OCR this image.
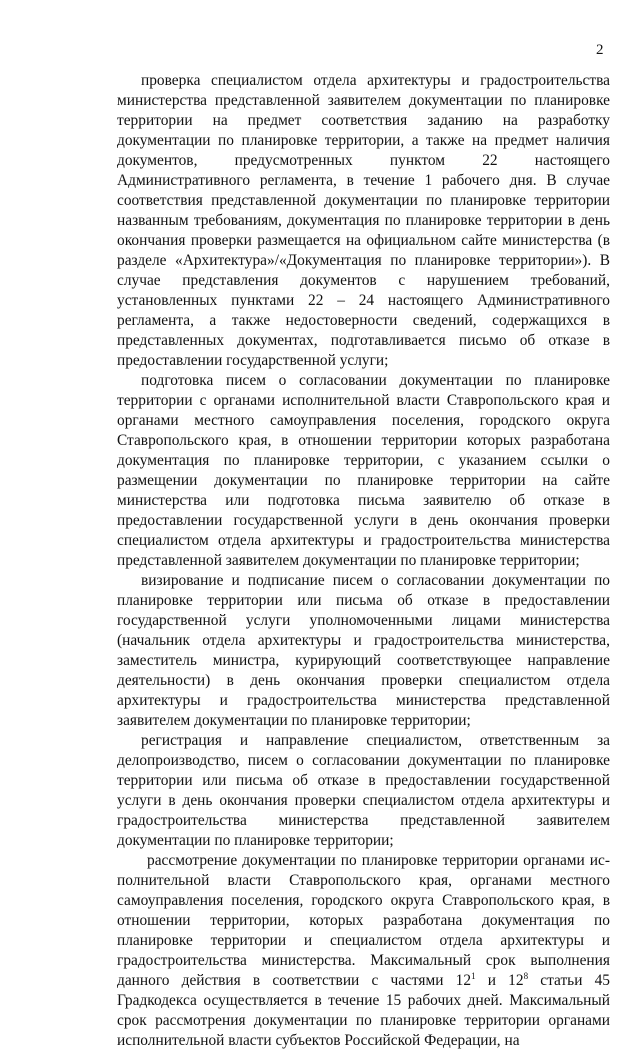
2

проверка специалистом отдела архитектуры и градостроительства министерства представленной заявителем документации по планировке территории на предмет соответствия заданию на разработку документации по планировке территории, а также на предмет наличия документов, предусмотренных пунктом 22 настоящего Административного регламента, в течение 1 рабочего дня. В случае соответствия представленной документации по планировке территории названным требованиям, документация по планировке территории в день окончания проверки размещается на официальном сайте министерства (в разделе «Архитектура»/«Документация по планировке территории»). В случае представления документов с нарушением требований, установленных пунктами 22 – 24 настоящего Административного регламента, а также недостоверности сведений, содержащихся в представленных документах, подготавливается письмо об отказе в предоставлении государственной услуги;

подготовка писем о согласовании документации по планировке территории с органами исполнительной власти Ставропольского края и органами местного самоуправления поселения, городского округа Ставропольского края, в отношении территории которых разработана документация по планировке территории, с указанием ссылки о размещении документации по планировке территории на сайте министерства или подготовка письма заявителю об отказе в предоставлении государственной услуги в день окончания проверки специалистом отдела архитектуры и градостроительства министерства представленной заявителем документации по планировке территории;

визирование и подписание писем о согласовании документации по планировке территории или письма об отказе в предоставлении государственной услуги уполномоченными лицами министерства (начальник отдела архитектуры и градостроительства министерства, заместитель министра, курирующий соответствующее направление деятельности) в день окончания проверки специалистом отдела архитектуры и градостроительства министерства представленной заявителем документации по планировке территории;

регистрация и направление специалистом, ответственным за делопроизводство, писем о согласовании документации по планировке территории или письма об отказе в предоставлении государственной услуги в день окончания проверки специалистом отдела архитектуры и градостроительства министерства представленной заявителем документации по планировке территории;

рассмотрение документации по планировке территории органами исполнительной власти Ставропольского края, органами местного самоуправления поселения, городского округа Ставропольского края, в отношении территории, которых разработана документация по планировке территории и специалистом отдела архитектуры и градостроительства министерства. Максимальный срок выполнения данного действия в соответствии с частями $12^1$ и $12^8$ статьи 45 Градкодекса осуществляется в течение 15 рабочих дней. Максимальный срок рассмотрения документации по планировке территории органами исполнительной власти субъектов Российской Федерации, на
